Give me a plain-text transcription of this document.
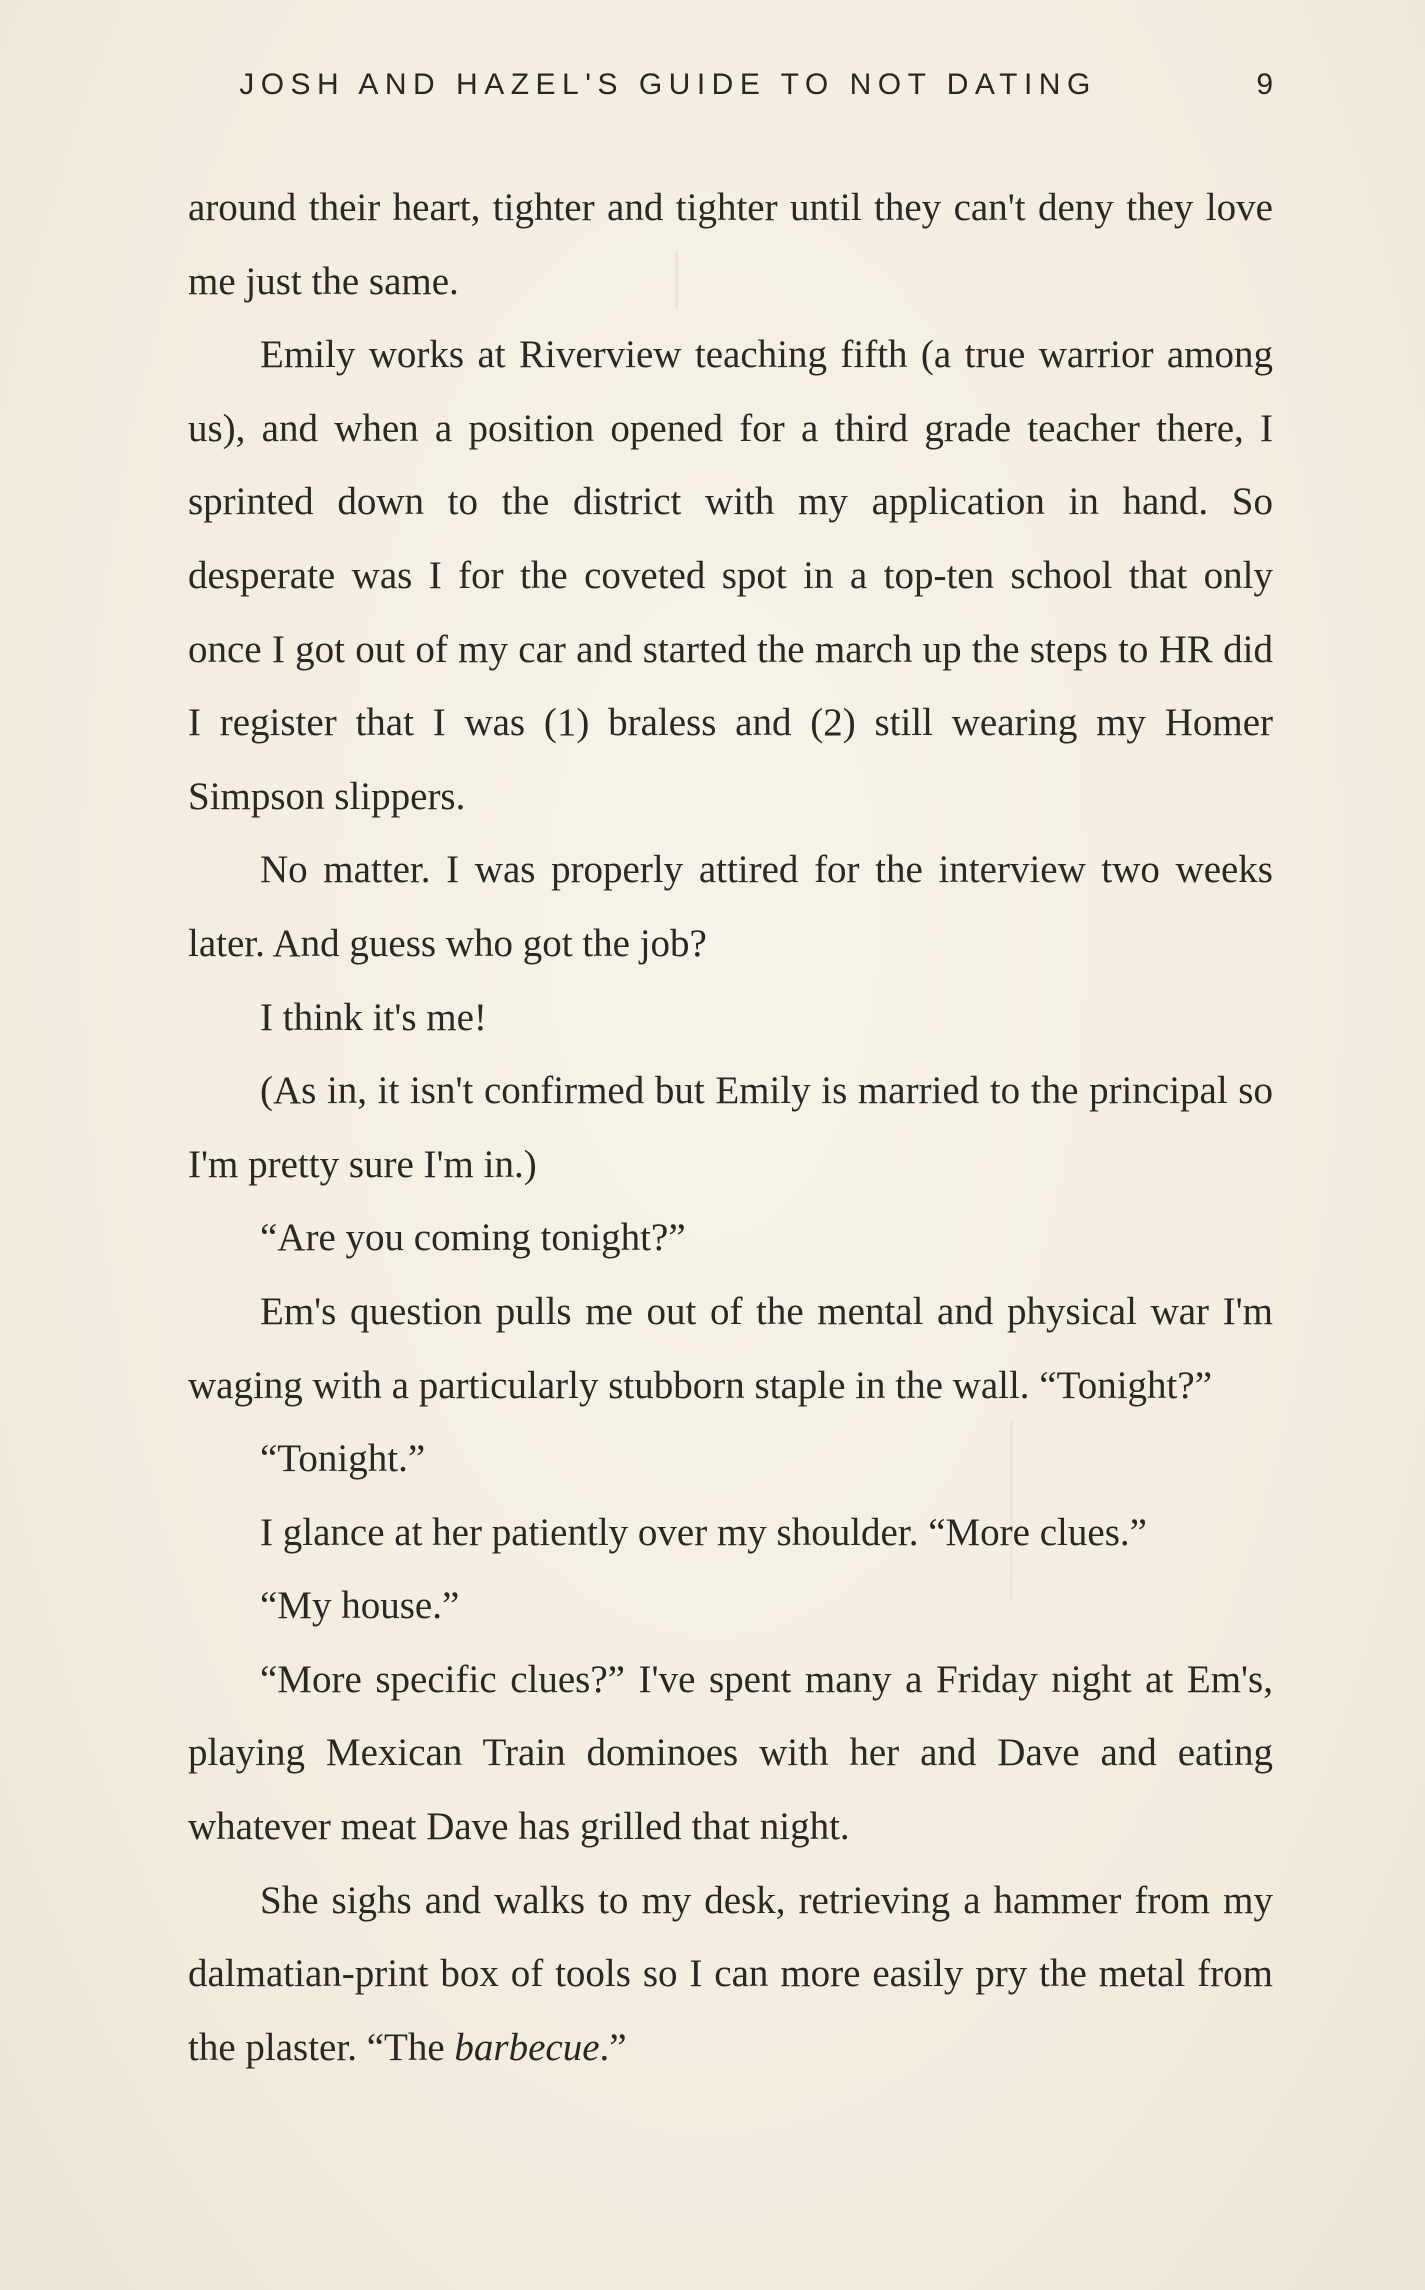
JOSH AND HAZEL'S GUIDE TO NOT DATING	9

around their heart, tighter and tighter until they can't deny they love me just the same.

Emily works at Riverview teaching fifth (a true warrior among us), and when a position opened for a third grade teacher there, I sprinted down to the district with my application in hand. So desperate was I for the coveted spot in a top-ten school that only once I got out of my car and started the march up the steps to HR did I register that I was (1) braless and (2) still wearing my Homer Simpson slippers.

No matter. I was properly attired for the interview two weeks later. And guess who got the job?

I think it's me!

(As in, it isn't confirmed but Emily is married to the principal so I'm pretty sure I'm in.)

“Are you coming tonight?”

Em's question pulls me out of the mental and physical war I'm waging with a particularly stubborn staple in the wall. “Tonight?”

“Tonight.”

I glance at her patiently over my shoulder. “More clues.”

“My house.”

“More specific clues?” I've spent many a Friday night at Em's, playing Mexican Train dominoes with her and Dave and eating whatever meat Dave has grilled that night.

She sighs and walks to my desk, retrieving a hammer from my dalmatian-print box of tools so I can more easily pry the metal from the plaster. “The barbecue.”
